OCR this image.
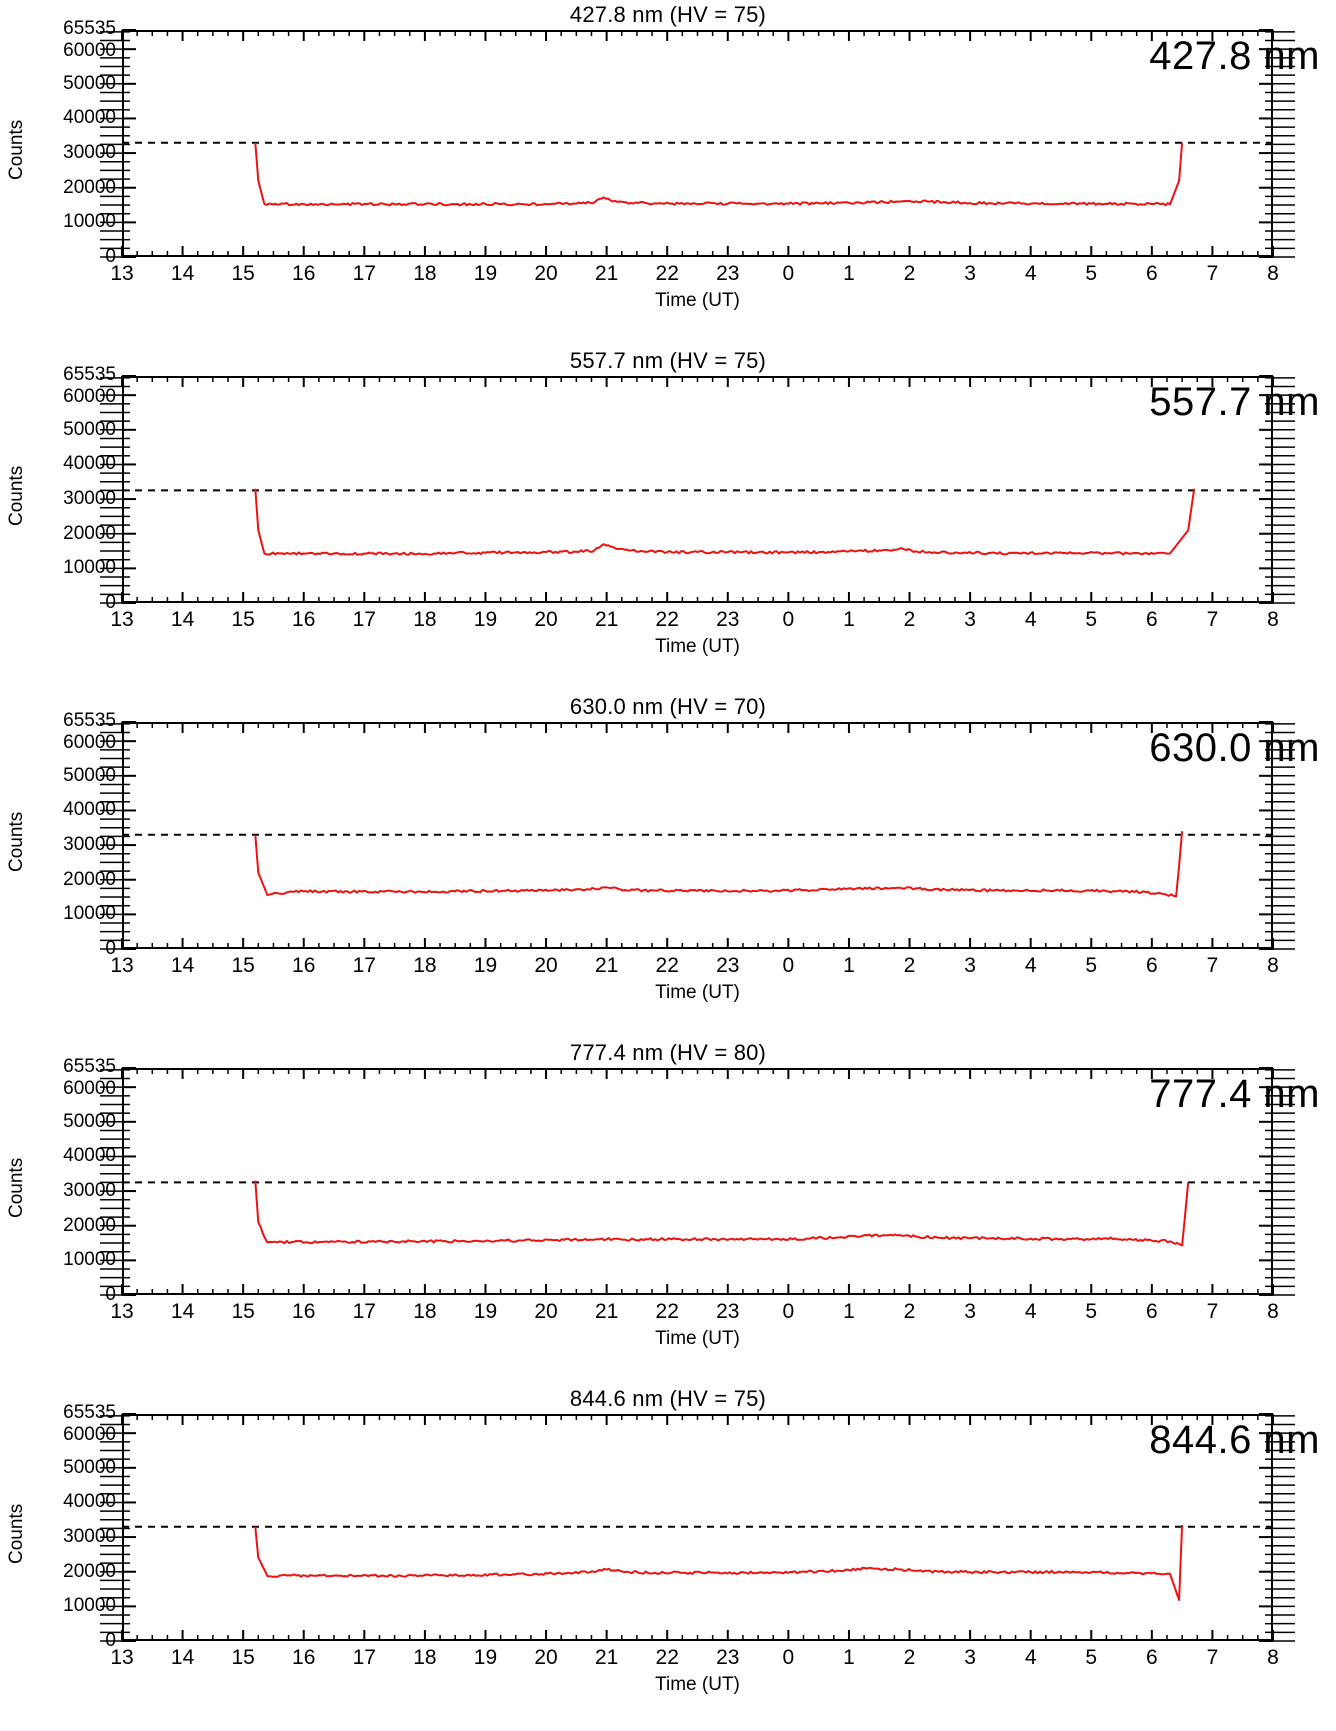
427.8 nm (HV = 75)
Counts
65535
60000
50000
40000
30000
20000
10000
0
13	14	15	16	17	18	19	20	21	22	23	0	1	2	3	4	5	6	7	8
Time (UT)
427.8 nm
557.7 nm (HV = 75)
Counts
65535
60000
50000
40000
30000
20000
10000
0
13	14	15	16	17	18	19	20	21	22	23	0	1	2	3	4	5	6	7	8
Time (UT)
557.7 nm
630.0 nm (HV = 70)
Counts
65535
60000
50000
40000
30000
20000
10000
0
13	14	15	16	17	18	19	20	21	22	23	0	1	2	3	4	5	6	7	8
Time (UT)
630.0 nm
777.4 nm (HV = 80)
Counts
65535
60000
50000
40000
30000
20000
10000
0
13	14	15	16	17	18	19	20	21	22	23	0	1	2	3	4	5	6	7	8
Time (UT)
777.4 nm
844.6 nm (HV = 75)
Counts
65535
60000
50000
40000
30000
20000
10000
0
13	14	15	16	17	18	19	20	21	22	23	0	1	2	3	4	5	6	7	8
Time (UT)
844.6 nm
